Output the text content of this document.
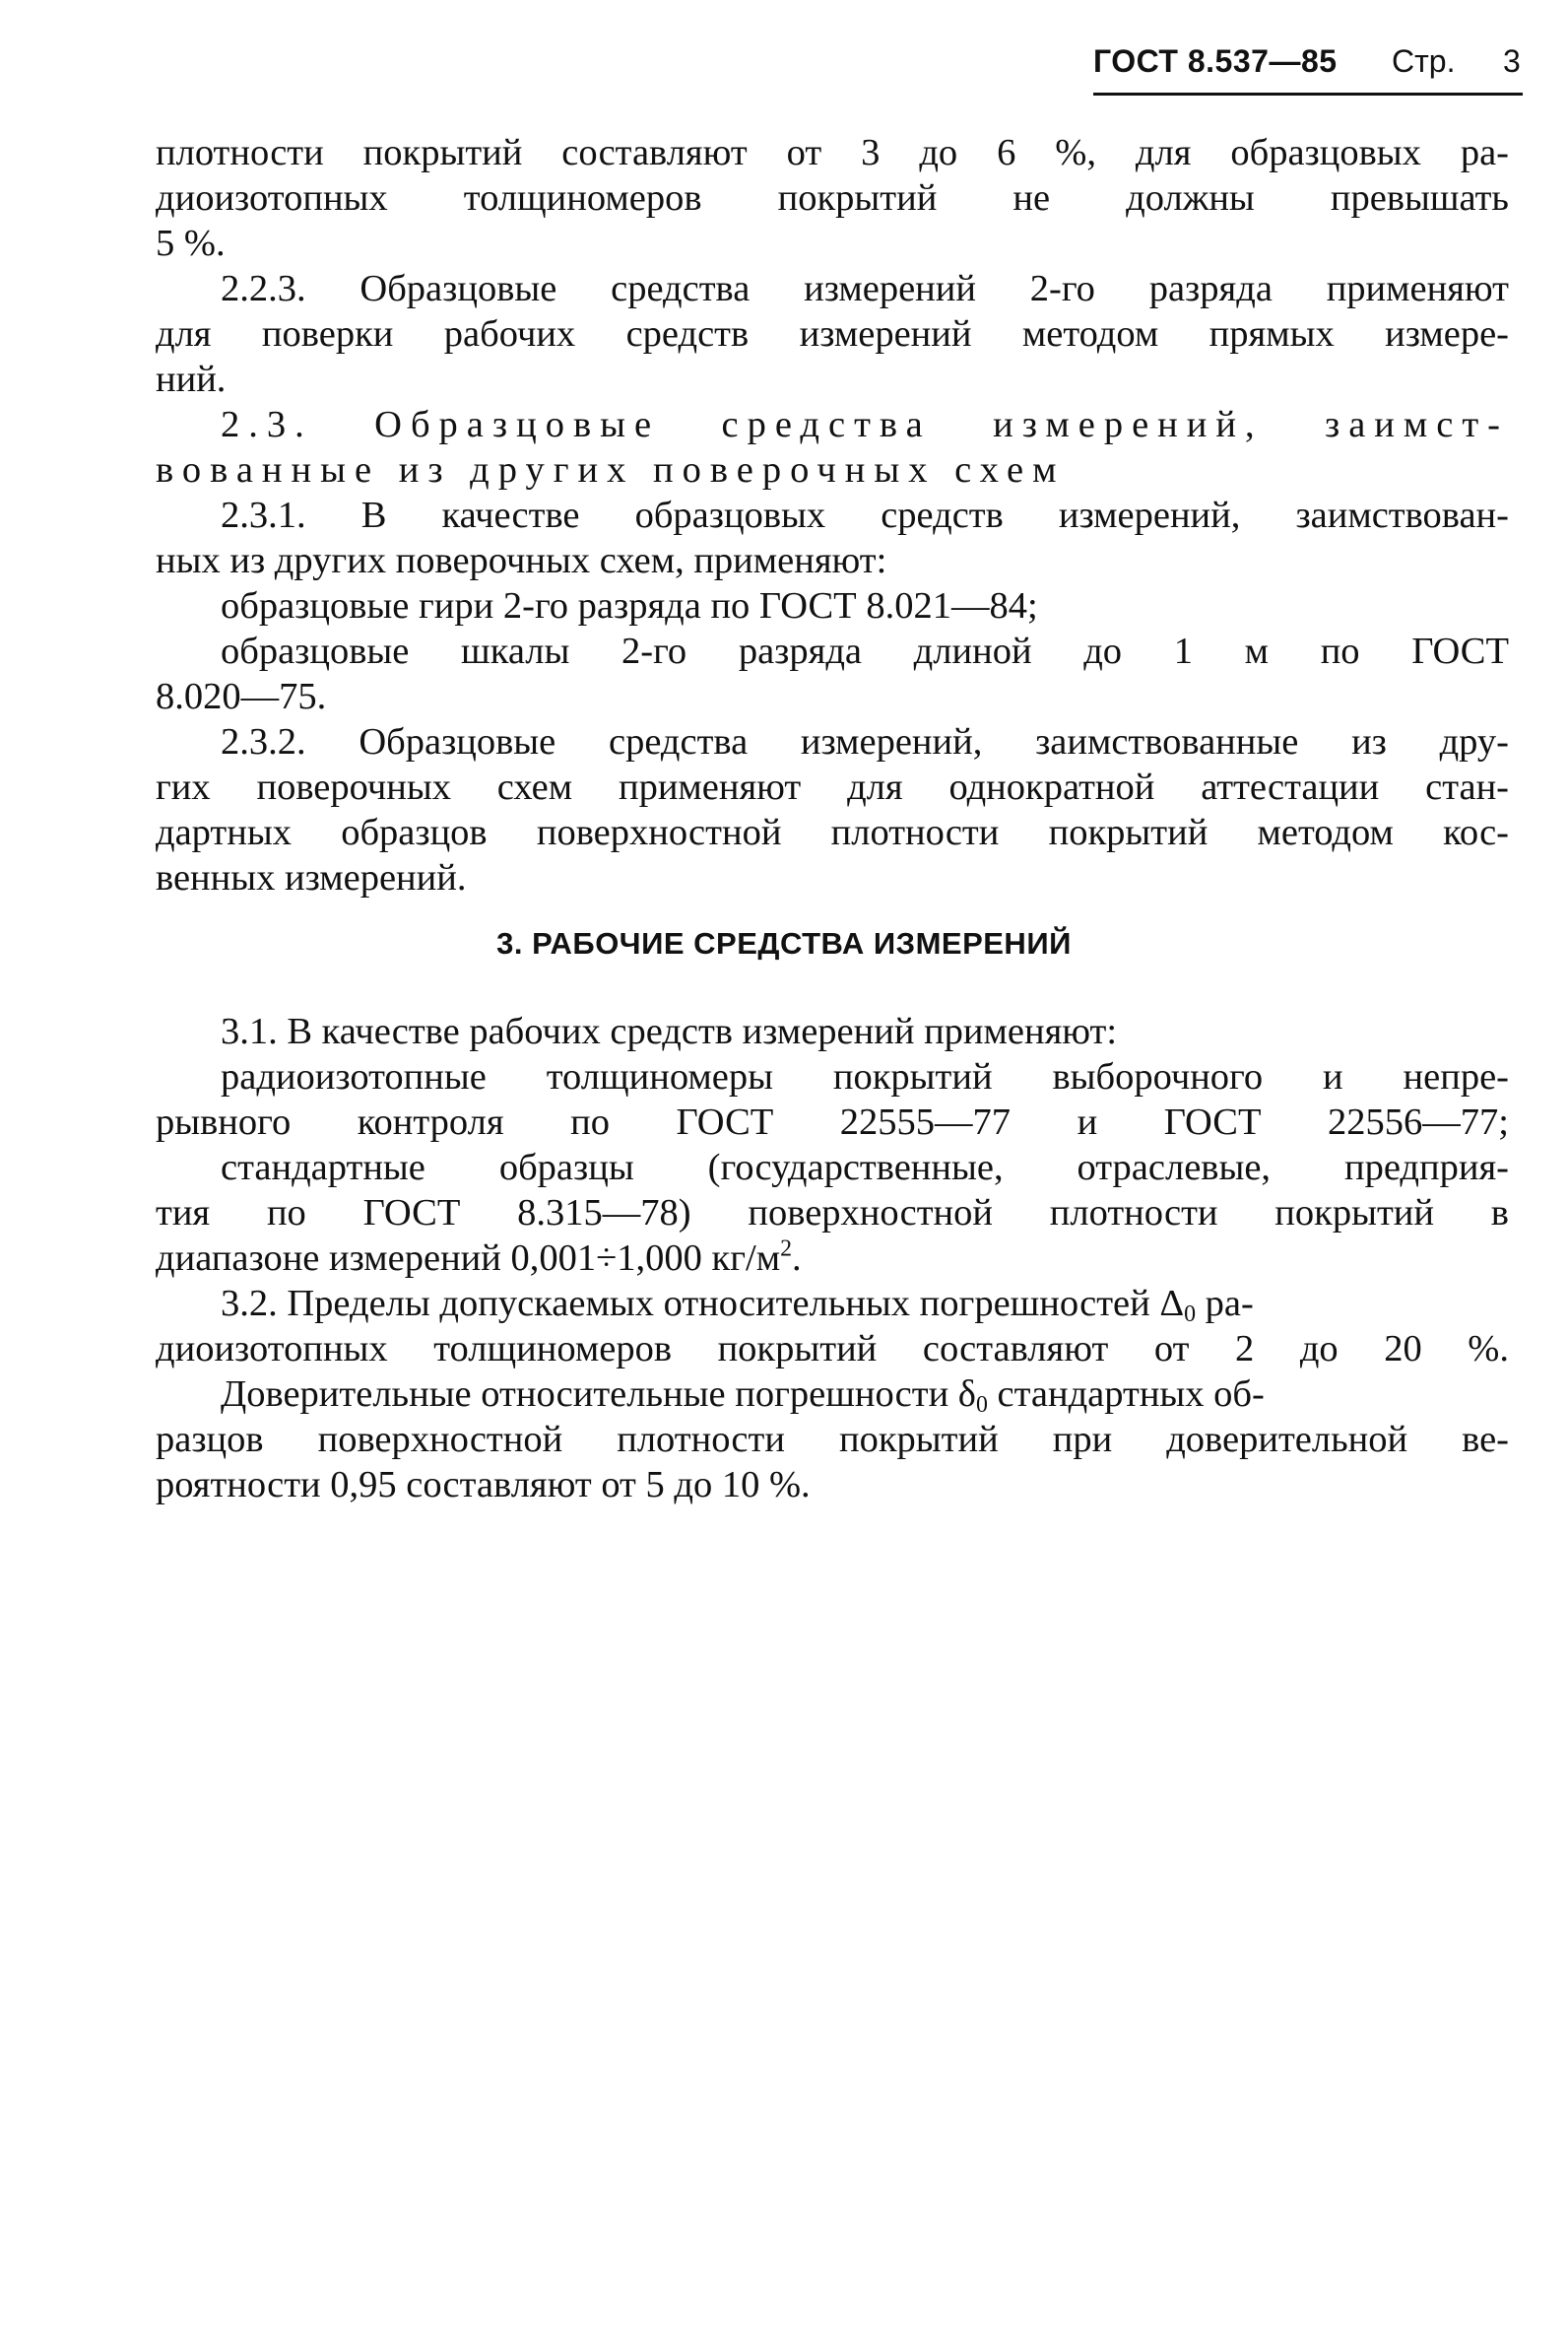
ГОСТ 8.537—85 Стр. 3
плотности покрытий составляют от 3 до 6 %, для образцовых ра-
диоизотопных толщиномеров покрытий не должны превышать
5 %.
2.2.3. Образцовые средства измерений 2-го разряда применяют
для поверки рабочих средств измерений методом прямых измере-
ний.
2.3. Образцовые средства измерений, заимст-
вованные из других поверочных схем
2.3.1. В качестве образцовых средств измерений, заимствован-
ных из других поверочных схем, применяют:
образцовые гири 2-го разряда по ГОСТ 8.021—84;
образцовые шкалы 2-го разряда длиной до 1 м по ГОСТ
8.020—75.
2.3.2. Образцовые средства измерений, заимствованные из дру-
гих поверочных схем применяют для однократной аттестации стан-
дартных образцов поверхностной плотности покрытий методом кос-
венных измерений.
3. РАБОЧИЕ СРЕДСТВА ИЗМЕРЕНИЙ
3.1. В качестве рабочих средств измерений применяют:
радиоизотопные толщиномеры покрытий выборочного и непре-
рывного контроля по ГОСТ 22555—77 и ГОСТ 22556—77;
стандартные образцы (государственные, отраслевые, предприя-
тия по ГОСТ 8.315—78) поверхностной плотности покрытий в
диапазоне измерений 0,001÷1,000 $кг/м^2$.
3.2. Пределы допускаемых относительных погрешностей $\Delta_0$ ра-
диоизотопных толщиномеров покрытий составляют от 2 до 20 %.
Доверительные относительные погрешности $\delta_0$ стандартных об-
разцов поверхностной плотности покрытий при доверительной ве-
роятности 0,95 составляют от 5 до 10 %.
